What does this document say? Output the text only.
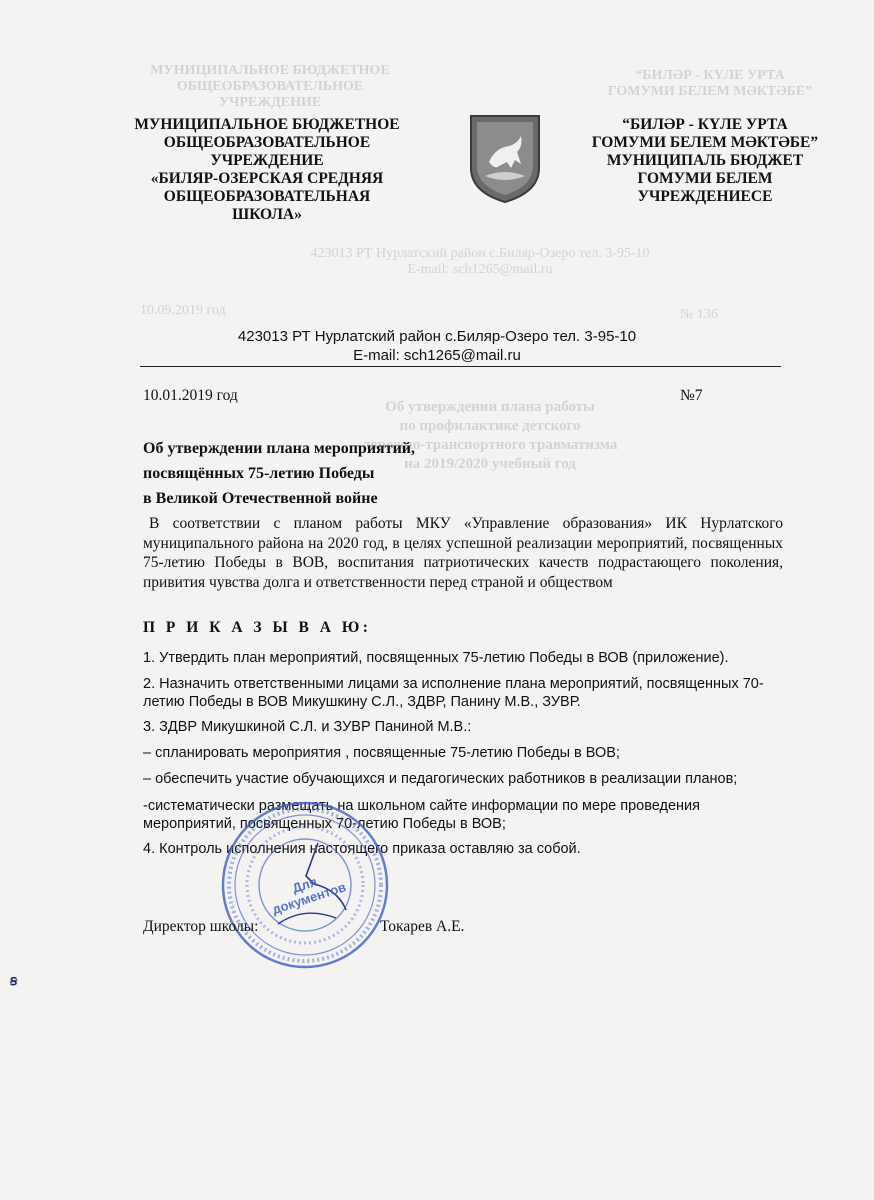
МУНИЦИПАЛЬНОЕ БЮДЖЕТНОЕ
ОБЩЕОБРАЗОВАТЕЛЬНОЕ
УЧРЕЖДЕНИЕ
“БИЛӘР - КҮЛЕ УРТА
ГОМУМИ БЕЛЕМ МӘКТӘБЕ”
423013 РТ Нурлатский район с.Биляр-Озеро тел. 3-95-10
E-mail: sch1265@mail.ru
10.09.2019 год	№ 136
Об утверждении плана работы
по профилактике детского
дорожно-транспортного травматизма
на 2019/2020 учебный год
МУНИЦИПАЛЬНОЕ БЮДЖЕТНОЕ
ОБЩЕОБРАЗОВАТЕЛЬНОЕ
УЧРЕЖДЕНИЕ
«БИЛЯР-ОЗЕРСКАЯ СРЕДНЯЯ
ОБЩЕОБРАЗОВАТЕЛЬНАЯ
ШКОЛА»
“БИЛӘР - КҮЛЕ УРТА
ГОМУМИ БЕЛЕМ МӘКТӘБЕ”
МУНИЦИПАЛЬ БЮДЖЕТ
ГОМУМИ БЕЛЕМ
УЧРЕЖДЕНИЕСЕ
423013 РТ Нурлатский район с.Биляр-Озеро тел. 3-95-10
E-mail: sch1265@mail.ru
10.01.2019 год	№7
Об утверждении плана мероприятий,
посвящённых 75-летию Победы
в Великой Отечественной войне
В соответствии с планом работы МКУ «Управление образования» ИК Нурлатского муниципального района на 2020 год, в целях успешной реализации мероприятий, посвященных 75-летию Победы в ВОВ, воспитания патриотических качеств подрастающего поколения, привития чувства долга и ответственности перед страной и обществом
П Р И К А З Ы В А Ю:
1. Утвердить план мероприятий, посвященных 75-летию Победы в ВОВ (приложение).
2. Назначить ответственными лицами за исполнение плана мероприятий, посвященных 70-летию Победы в ВОВ Микушкину С.Л., ЗДВР, Панину М.В., ЗУВР.
3. ЗДВР Микушкиной С.Л. и ЗУВР Паниной М.В.:
– спланировать мероприятия , посвященные 75-летию Победы в ВОВ;
– обеспечить участие обучающихся и педагогических работников в реализации планов;
-систематически размещать на школьном сайте информации по мере проведения мероприятий, посвященных 70-летию Победы в ВОВ;
4. Контроль исполнения настоящего приказа оставляю за собой.
Для документов
Директор школы:	Токарев А.Е.
ꞩ
